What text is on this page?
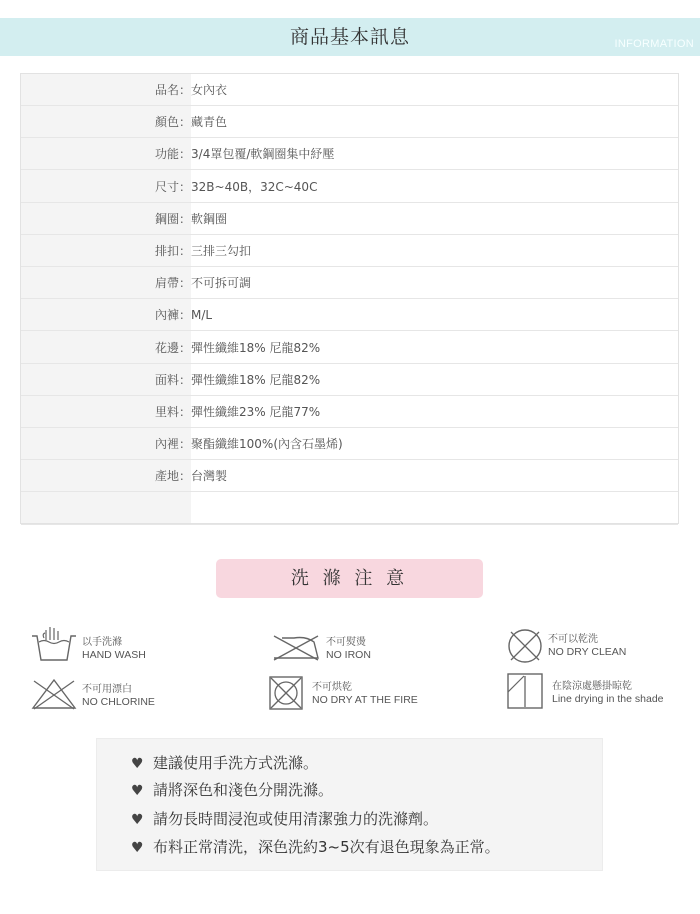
商品基本訊息	INFORMATION
品名：女內衣
顏色：藏青色
功能：3/4罩包覆/軟鋼圈集中紓壓
尺寸：32B~40B，32C~40C
鋼圈：軟鋼圈
排扣：三排三勾扣
肩帶：不可拆可調
內褲：M/L
花邊：彈性纖維18% 尼龍82%
面料：彈性纖維18% 尼龍82%
里料：彈性纖維23% 尼龍77%
內裡：聚酯纖維100%(內含石墨烯)
產地：台灣製
洗 滌 注 意
以手洗滌
HAND WASH
不可熨燙
NO IRON
不可以乾洗
NO DRY CLEAN
不可用漂白
NO CHLORINE
不可烘乾
NO DRY AT THE FIRE
在陰涼處懸掛晾乾
Line drying in the shade
♥ 建議使用手洗方式洗滌。
♥ 請將深色和淺色分開洗滌。
♥ 請勿長時間浸泡或使用清潔強力的洗滌劑。
♥ 布料正常清洗，深色洗約3~5次有退色現象為正常。
